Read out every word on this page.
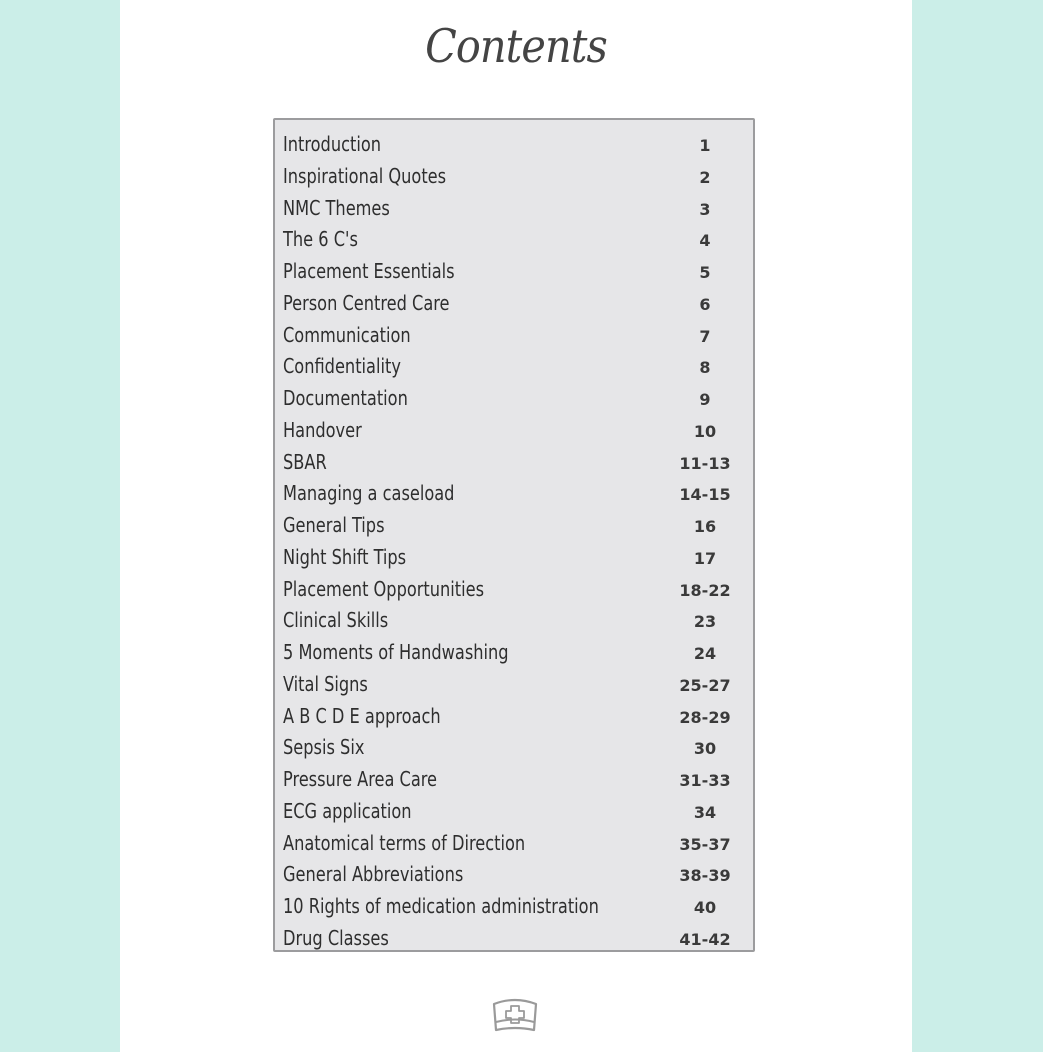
Contents
Introduction	1
Inspirational Quotes	2
NMC Themes	3
The 6 C's	4
Placement Essentials	5
Person Centred Care	6
Communication	7
Confidentiality	8
Documentation	9
Handover	10
SBAR	11-13
Managing a caseload	14-15
General Tips	16
Night Shift Tips	17
Placement Opportunities	18-22
Clinical Skills	23
5 Moments of Handwashing	24
Vital Signs	25-27
A B C D E approach	28-29
Sepsis Six	30
Pressure Area Care	31-33
ECG application	34
Anatomical terms of Direction	35-37
General Abbreviations	38-39
10 Rights of medication administration	40
Drug Classes	41-42
